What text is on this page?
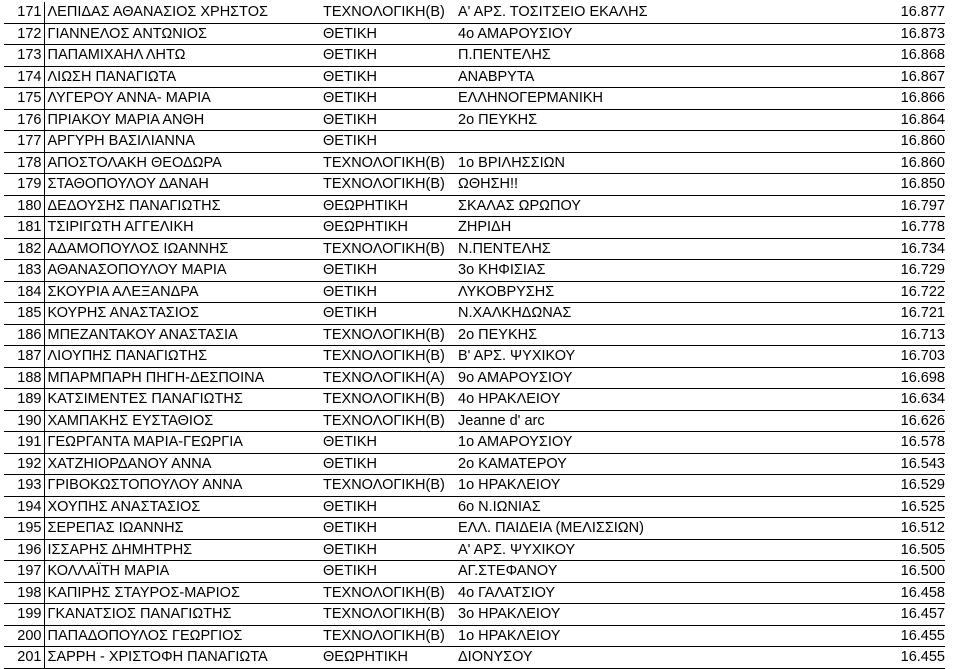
171	ΛΕΠΙΔΑΣ ΑΘΑΝΑΣΙΟΣ ΧΡΗΣΤΟΣ	ΤΕΧΝΟΛΟΓΙΚΗ(Β)	Α' ΑΡΣ. ΤΟΣΙΤΣΕΙΟ ΕΚΑΛΗΣ	16.877
172	ΓΙΑΝΝΕΛΟΣ ΑΝΤΩΝΙΟΣ	ΘΕΤΙΚΗ	4ο ΑΜΑΡΟΥΣΙΟΥ	16.873
173	ΠΑΠΑΜΙΧΑΗΛ ΛΗΤΩ	ΘΕΤΙΚΗ	Π.ΠΕΝΤΕΛΗΣ	16.868
174	ΛΙΩΣΗ ΠΑΝΑΓΙΩΤΑ	ΘΕΤΙΚΗ	ΑΝΑΒΡΥΤΑ	16.867
175	ΛΥΓΕΡΟΥ ΑΝΝΑ- ΜΑΡΙΑ	ΘΕΤΙΚΗ	ΕΛΛΗΝΟΓΕΡΜΑΝΙΚΗ	16.866
176	ΠΡΙΑΚΟΥ ΜΑΡΙΑ ΑΝΘΗ	ΘΕΤΙΚΗ	2ο ΠΕΥΚΗΣ	16.864
177	ΑΡΓΥΡΗ ΒΑΣΙΛΙΑΝΝΑ	ΘΕΤΙΚΗ		16.860
178	ΑΠΟΣΤΟΛΑΚΗ ΘΕΟΔΩΡΑ	ΤΕΧΝΟΛΟΓΙΚΗ(Β)	1ο ΒΡΙΛΗΣΣΙΩΝ	16.860
179	ΣΤΑΘΟΠΟΥΛΟΥ ΔΑΝΑΗ	ΤΕΧΝΟΛΟΓΙΚΗ(Β)	ΩΘΗΣΗ!!	16.850
180	ΔΕΔΟΥΣΗΣ ΠΑΝΑΓΙΩΤΗΣ	ΘΕΩΡΗΤΙΚΗ	ΣΚΑΛΑΣ ΩΡΩΠΟΥ	16.797
181	ΤΣΙΡΙΓΩΤΗ ΑΓΓΕΛΙΚΗ	ΘΕΩΡΗΤΙΚΗ	ΖΗΡΙΔΗ	16.778
182	ΑΔΑΜΟΠΟΥΛΟΣ ΙΩΑΝΝΗΣ	ΤΕΧΝΟΛΟΓΙΚΗ(Β)	Ν.ΠΕΝΤΕΛΗΣ	16.734
183	ΑΘΑΝΑΣΟΠΟΥΛΟΥ ΜΑΡΙΑ	ΘΕΤΙΚΗ	3ο ΚΗΦΙΣΙΑΣ	16.729
184	ΣΚΟΥΡΙΑ ΑΛΕΞΑΝΔΡΑ	ΘΕΤΙΚΗ	ΛΥΚΟΒΡΥΣΗΣ	16.722
185	ΚΟΥΡΗΣ ΑΝΑΣΤΑΣΙΟΣ	ΘΕΤΙΚΗ	Ν.ΧΑΛΚΗΔΩΝΑΣ	16.721
186	ΜΠΕΖΑΝΤΑΚΟΥ ΑΝΑΣΤΑΣΙΑ	ΤΕΧΝΟΛΟΓΙΚΗ(Β)	2ο ΠΕΥΚΗΣ	16.713
187	ΛΙΟΥΠΗΣ ΠΑΝΑΓΙΩΤΗΣ	ΤΕΧΝΟΛΟΓΙΚΗ(Β)	Β' ΑΡΣ. ΨΥΧΙΚΟΥ	16.703
188	ΜΠΑΡΜΠΑΡΗ ΠΗΓΗ-ΔΕΣΠΟΙΝΑ	ΤΕΧΝΟΛΟΓΙΚΗ(Α)	9ο ΑΜΑΡΟΥΣΙΟΥ	16.698
189	ΚΑΤΣΙΜΕΝΤΕΣ ΠΑΝΑΓΙΩΤΗΣ	ΤΕΧΝΟΛΟΓΙΚΗ(Β)	4ο ΗΡΑΚΛΕΙΟΥ	16.634
190	ΧΑΜΠΑΚΗΣ ΕΥΣΤΑΘΙΟΣ	ΤΕΧΝΟΛΟΓΙΚΗ(Β)	Jeanne d' arc	16.626
191	ΓΕΩΡΓΑΝΤΑ ΜΑΡΙΑ-ΓΕΩΡΓΙΑ	ΘΕΤΙΚΗ	1ο ΑΜΑΡΟΥΣΙΟΥ	16.578
192	ΧΑΤΖΗΙΟΡΔΑΝΟΥ ΑΝΝΑ	ΘΕΤΙΚΗ	2ο ΚΑΜΑΤΕΡΟΥ	16.543
193	ΓΡΙΒΟΚΩΣΤΟΠΟΥΛΟΥ ΑΝΝΑ	ΤΕΧΝΟΛΟΓΙΚΗ(Β)	1ο ΗΡΑΚΛΕΙΟΥ	16.529
194	ΧΟΥΠΗΣ ΑΝΑΣΤΑΣΙΟΣ	ΘΕΤΙΚΗ	6ο Ν.ΙΩΝΙΑΣ	16.525
195	ΣΕΡΕΠΑΣ ΙΩΑΝΝΗΣ	ΘΕΤΙΚΗ	ΕΛΛ. ΠΑΙΔΕΙΑ (ΜΕΛΙΣΣΙΩΝ)	16.512
196	ΙΣΣΑΡΗΣ ΔΗΜΗΤΡΗΣ	ΘΕΤΙΚΗ	Α' ΑΡΣ. ΨΥΧΙΚΟΥ	16.505
197	ΚΟΛΛΑΪΤΗ ΜΑΡΙΑ	ΘΕΤΙΚΗ	ΑΓ.ΣΤΕΦΑΝΟΥ	16.500
198	ΚΑΠΙΡΗΣ ΣΤΑΥΡΟΣ-ΜΑΡΙΟΣ	ΤΕΧΝΟΛΟΓΙΚΗ(Β)	4ο ΓΑΛΑΤΣΙΟΥ	16.458
199	ΓΚΑΝΑΤΣΙΟΣ ΠΑΝΑΓΙΩΤΗΣ	ΤΕΧΝΟΛΟΓΙΚΗ(Β)	3ο ΗΡΑΚΛΕΙΟΥ	16.457
200	ΠΑΠΑΔΟΠΟΥΛΟΣ ΓΕΩΡΓΙΟΣ	ΤΕΧΝΟΛΟΓΙΚΗ(Β)	1ο ΗΡΑΚΛΕΙΟΥ	16.455
201	ΣΑΡΡΗ - ΧΡΙΣΤΟΦΗ ΠΑΝΑΓΙΩΤΑ	ΘΕΩΡΗΤΙΚΗ	ΔΙΟΝΥΣΟΥ	16.455
